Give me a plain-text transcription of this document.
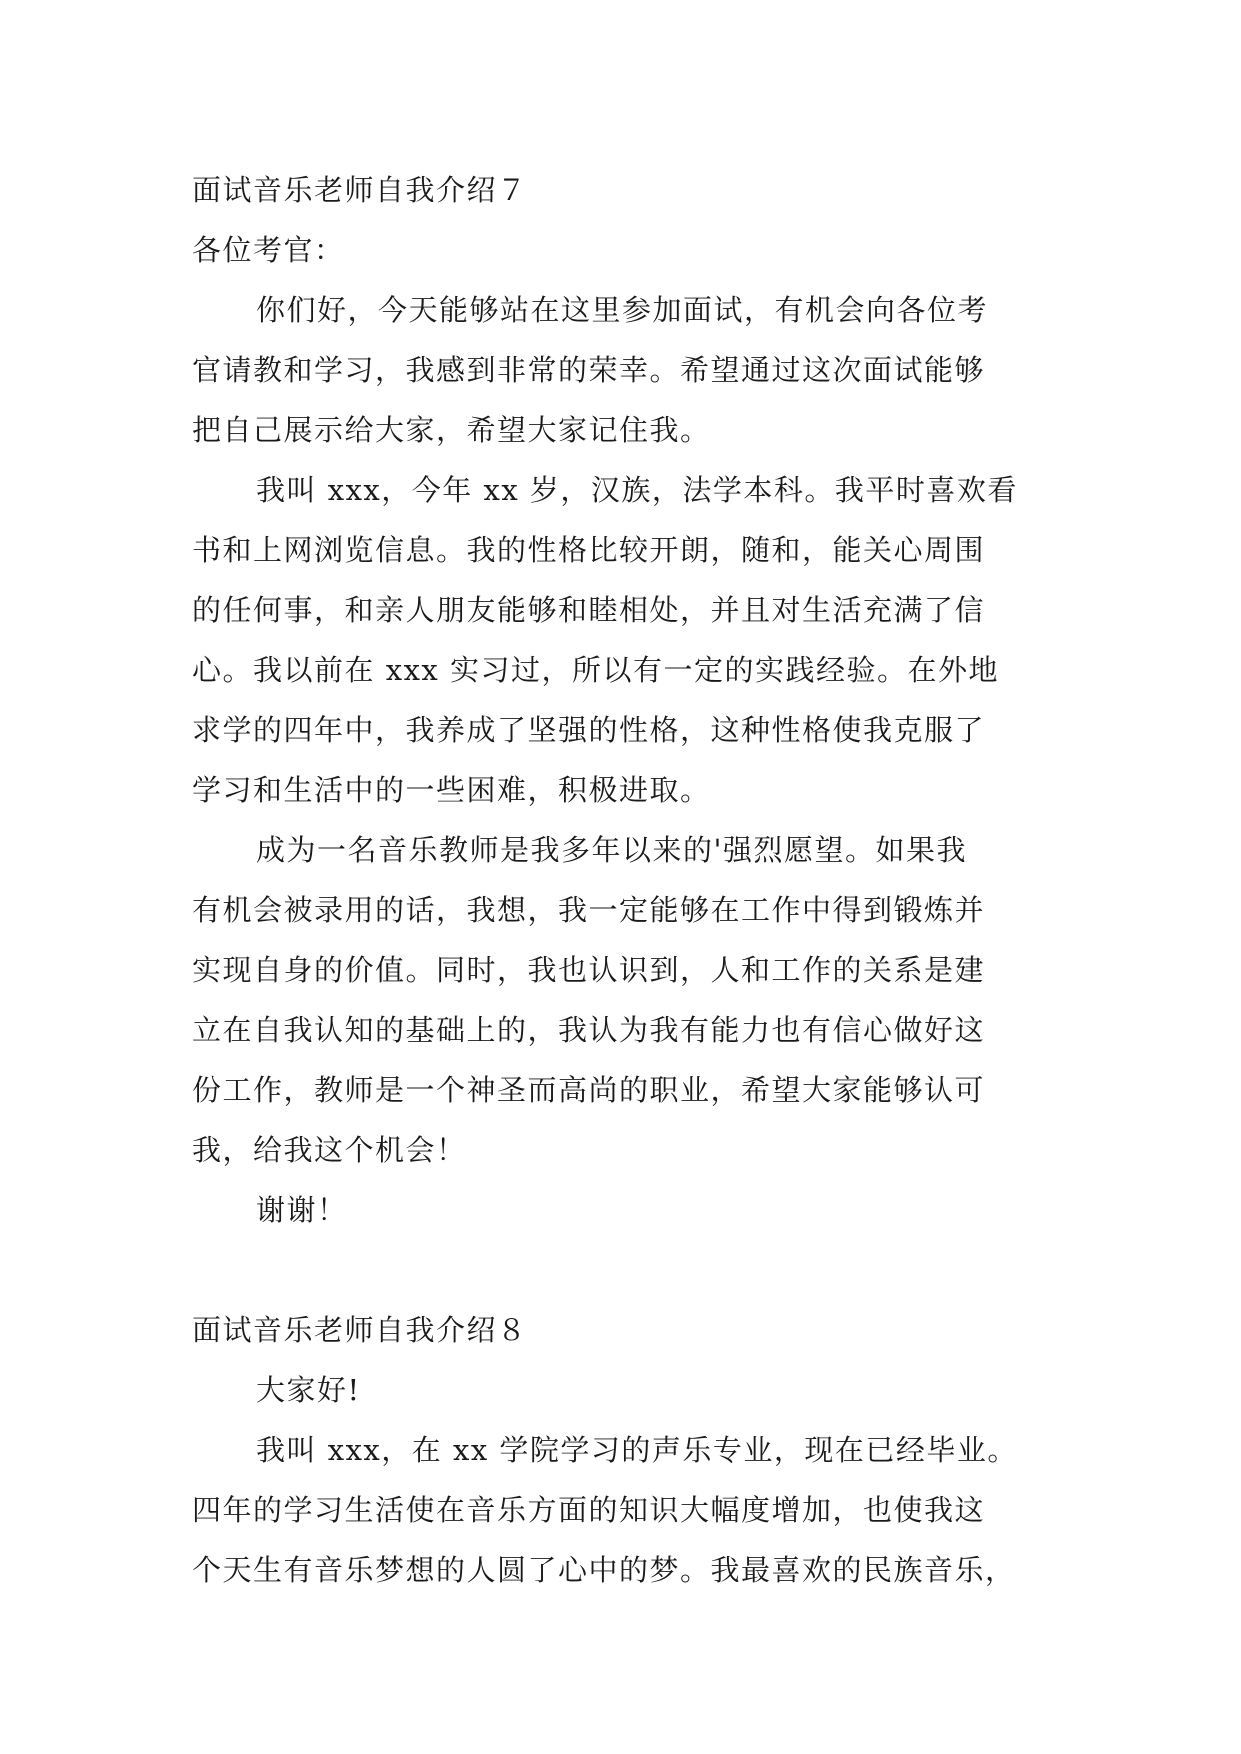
面试音乐老师自我介绍７
各位考官：
你们好，今天能够站在这里参加面试，有机会向各位考
官请教和学习，我感到非常的荣幸。希望通过这次面试能够
把自己展示给大家，希望大家记住我。
我叫 xxx，今年 xx 岁，汉族，法学本科。我平时喜欢看
书和上网浏览信息。我的性格比较开朗，随和，能关心周围
的任何事，和亲人朋友能够和睦相处，并且对生活充满了信
心。我以前在 xxx 实习过，所以有一定的实践经验。在外地
求学的四年中，我养成了坚强的性格，这种性格使我克服了
学习和生活中的一些困难，积极进取。
成为一名音乐教师是我多年以来的'强烈愿望。如果我
有机会被录用的话，我想，我一定能够在工作中得到锻炼并
实现自身的价值。同时，我也认识到，人和工作的关系是建
立在自我认知的基础上的，我认为我有能力也有信心做好这
份工作，教师是一个神圣而高尚的职业，希望大家能够认可
我，给我这个机会！
谢谢！
面试音乐老师自我介绍８
大家好!
我叫 xxx，在 xx 学院学习的声乐专业，现在已经毕业。
四年的学习生活使在音乐方面的知识大幅度增加，也使我这
个天生有音乐梦想的人圆了心中的梦。我最喜欢的民族音乐，
